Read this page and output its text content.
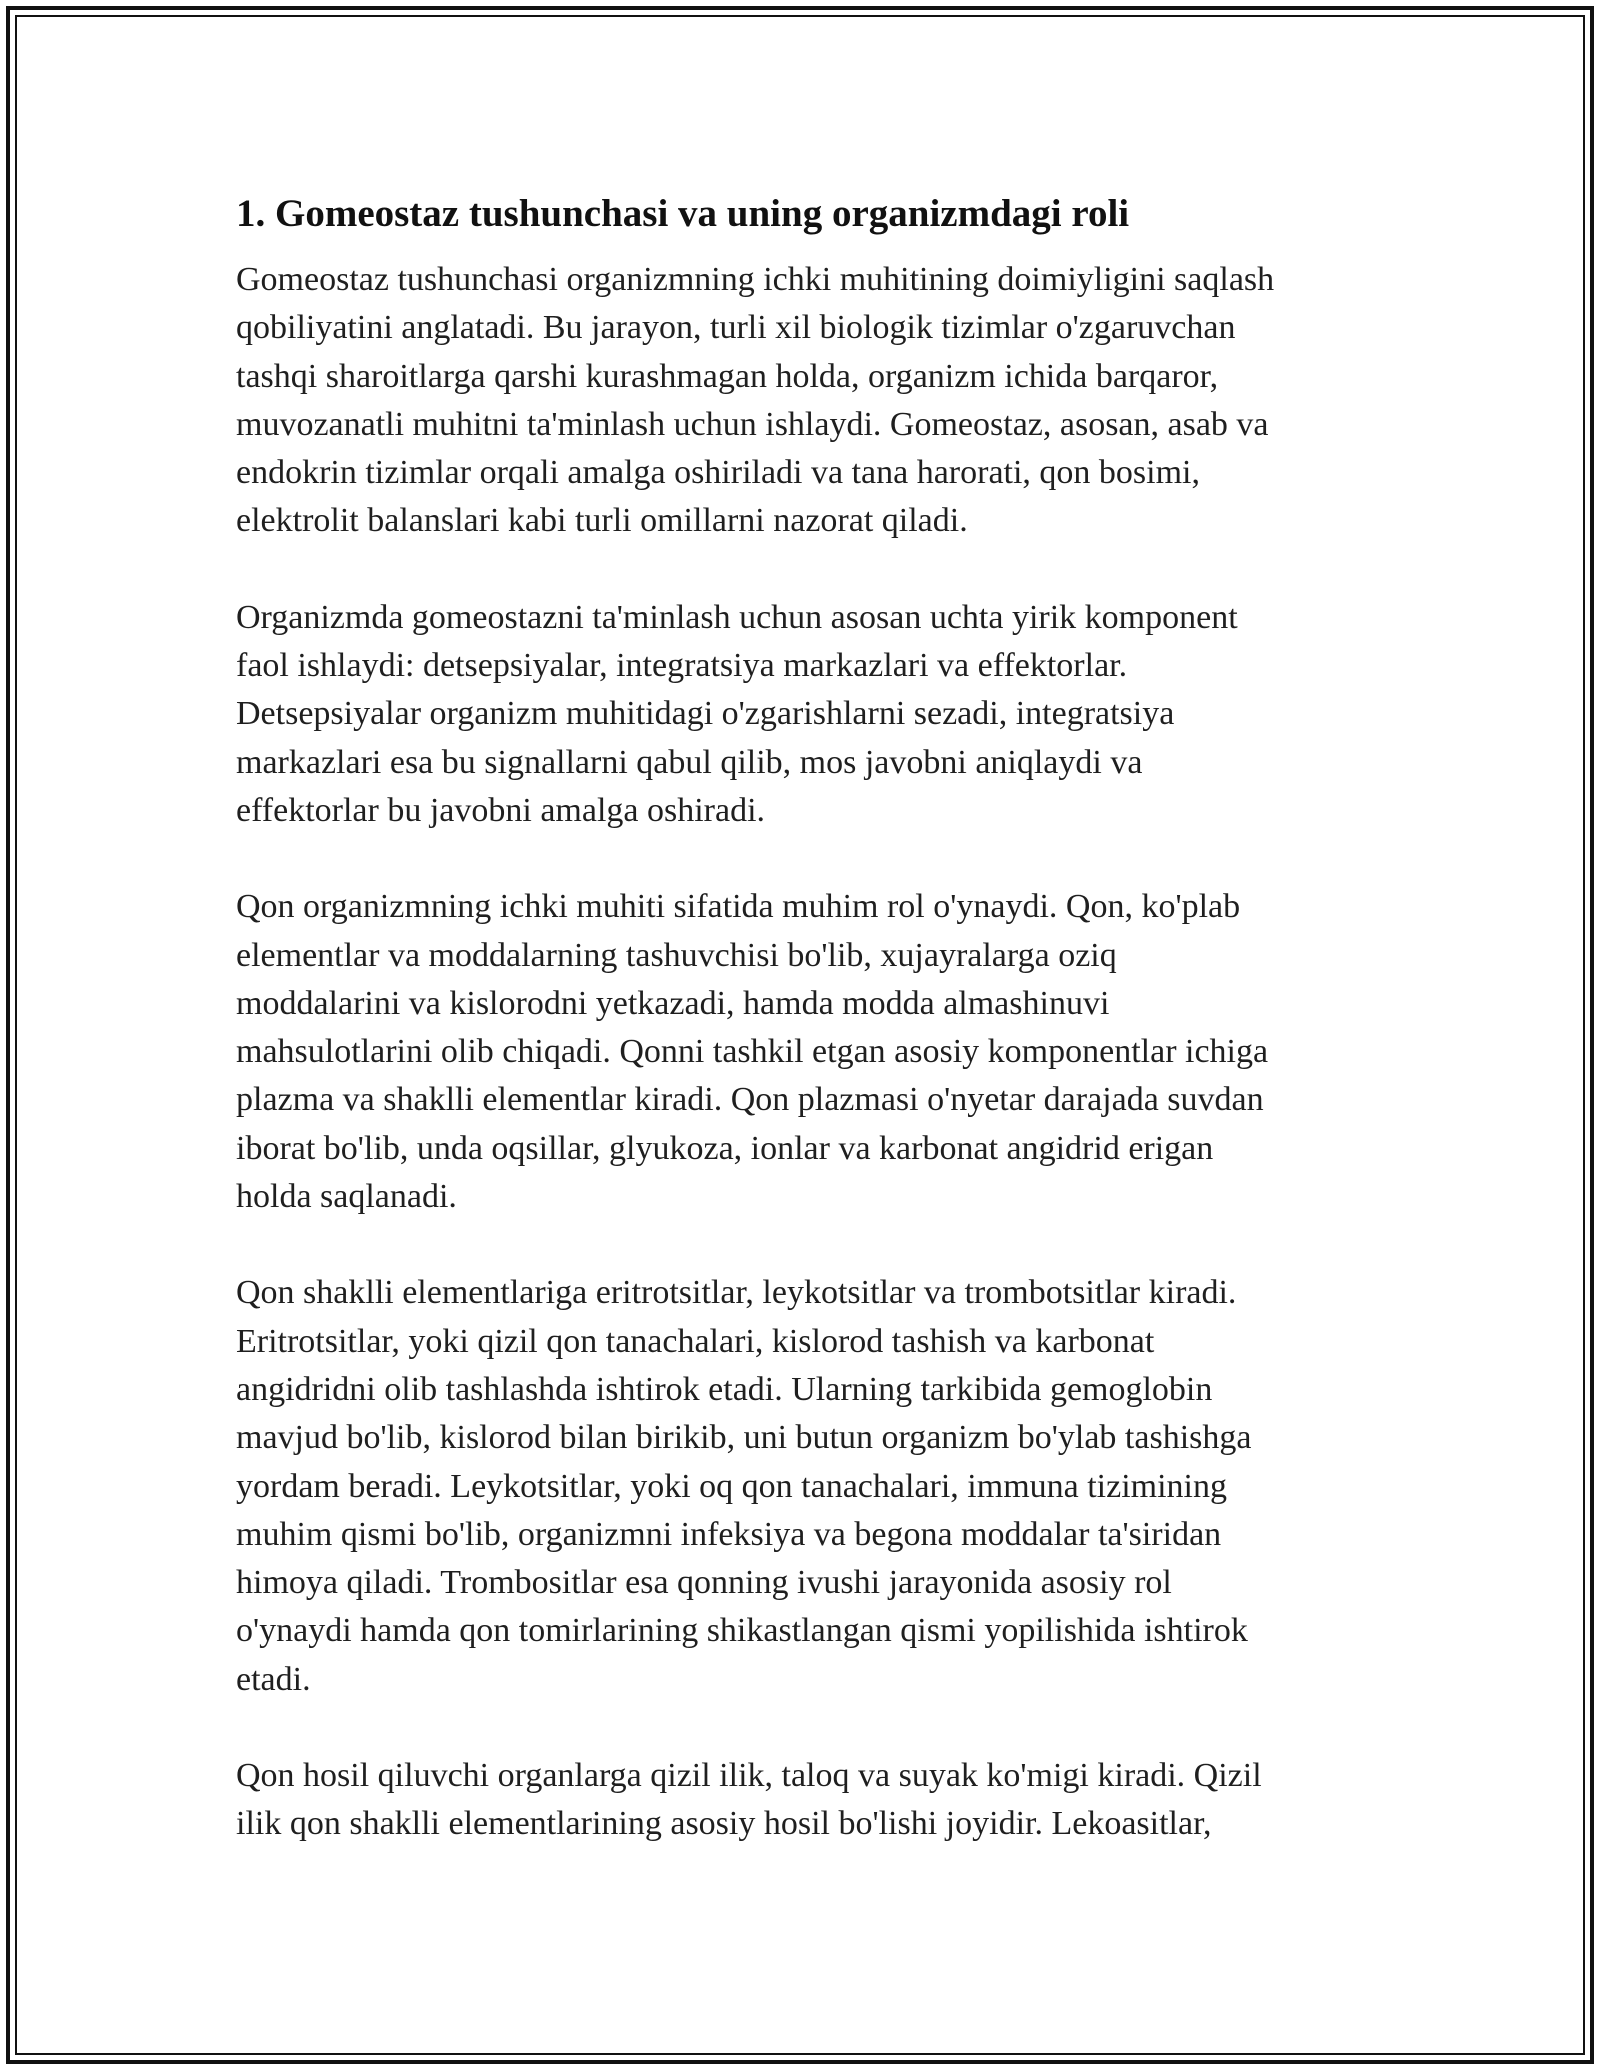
1. Gomeostaz tushunchasi va uning organizmdagi roli

Gomeostaz tushunchasi organizmning ichki muhitining doimiyligini saqlash
qobiliyatini anglatadi. Bu jarayon, turli xil biologik tizimlar o'zgaruvchan
tashqi sharoitlarga qarshi kurashmagan holda, organizm ichida barqaror,
muvozanatli muhitni ta'minlash uchun ishlaydi. Gomeostaz, asosan, asab va
endokrin tizimlar orqali amalga oshiriladi va tana harorati, qon bosimi,
elektrolit balanslari kabi turli omillarni nazorat qiladi.

Organizmda gomeostazni ta'minlash uchun asosan uchta yirik komponent
faol ishlaydi: detsepsiyalar, integratsiya markazlari va effektorlar.
Detsepsiyalar organizm muhitidagi o'zgarishlarni sezadi, integratsiya
markazlari esa bu signallarni qabul qilib, mos javobni aniqlaydi va
effektorlar bu javobni amalga oshiradi.

Qon organizmning ichki muhiti sifatida muhim rol o'ynaydi. Qon, ko'plab
elementlar va moddalarning tashuvchisi bo'lib, xujayralarga oziq
moddalarini va kislorodni yetkazadi, hamda modda almashinuvi
mahsulotlarini olib chiqadi. Qonni tashkil etgan asosiy komponentlar ichiga
plazma va shaklli elementlar kiradi. Qon plazmasi o'nyetar darajada suvdan
iborat bo'lib, unda oqsillar, glyukoza, ionlar va karbonat angidrid erigan
holda saqlanadi.

Qon shaklli elementlariga eritrotsitlar, leykotsitlar va trombotsitlar kiradi.
Eritrotsitlar, yoki qizil qon tanachalari, kislorod tashish va karbonat
angidridni olib tashlashda ishtirok etadi. Ularning tarkibida gemoglobin
mavjud bo'lib, kislorod bilan birikib, uni butun organizm bo'ylab tashishga
yordam beradi. Leykotsitlar, yoki oq qon tanachalari, immuna tizimining
muhim qismi bo'lib, organizmni infeksiya va begona moddalar ta'siridan
himoya qiladi. Trombositlar esa qonning ivushi jarayonida asosiy rol
o'ynaydi hamda qon tomirlarining shikastlangan qismi yopilishida ishtirok
etadi.

Qon hosil qiluvchi organlarga qizil ilik, taloq va suyak ko'migi kiradi. Qizil
ilik qon shaklli elementlarining asosiy hosil bo'lishi joyidir. Lekoasitlar,
